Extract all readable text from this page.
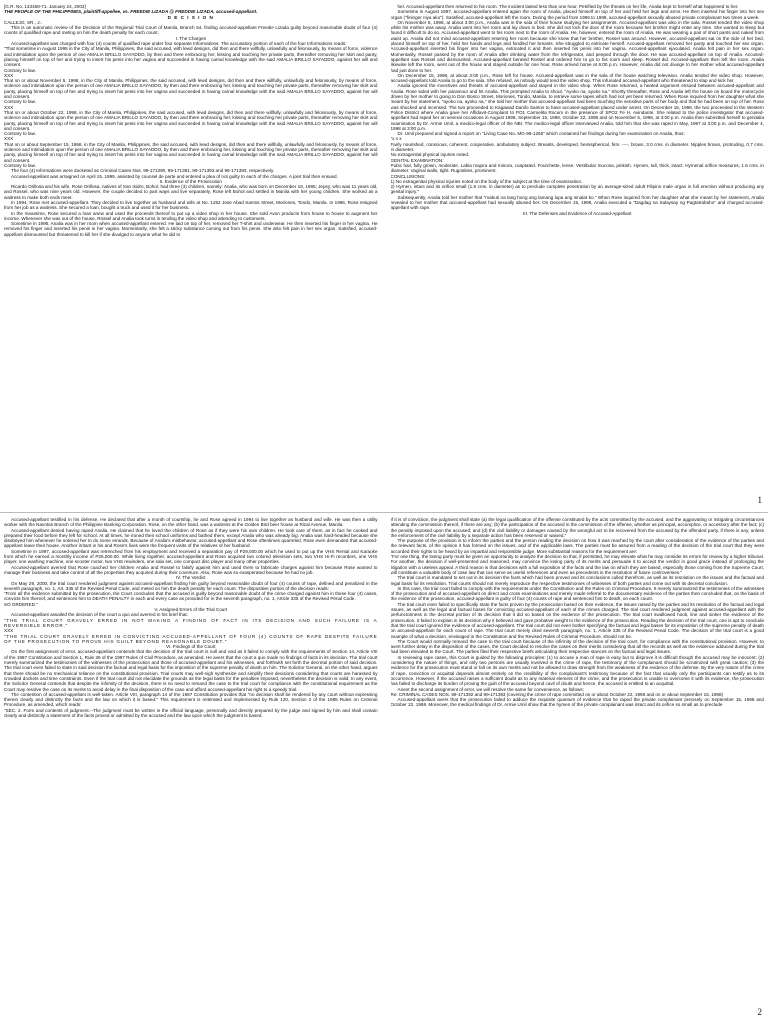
[G.R. No. 143468-71. January 24, 2003]

THE PEOPLE OF THE PHILIPPINES, plaintiff-appellee, vs. FREEDIE LIZADA @ FREDDIE LIZADA, accused-appellant.

D E C I S I O N

CALLEJO, SR., J.:

This is an automatic review of the Decision of the Regional Trial Court of Manila, Branch 54, finding accused-appellant Freedie Lizada guilty beyond reasonable doubt of four (4) counts of qualified rape and meting on him the death penalty for each count.

I. The Charges

Accused-appellant was charged with four (4) counts of qualified rape under four separate Informations. The accusatory portion of each of the four Informations reads:

"That sometime in August 1998 in the City of Manila, Philippines, the said accused, with lewd designs, did then and there willfully, unlawfully and feloniously, by means of force, violence and intimidation upon the person of one AMALIA BRILLO SAYADDO, by then and there embracing her, kissing and touching her private parts, thereafter removing her skirt and panty, placing himself on top of her and trying to insert his penis into her vagina and succeeded in having carnal knowledge with the said AMALIA BRILLO SAYADDO, against her will and consent.

Contrary to law.

XXX

That on or about November 5, 1998, in the City of Manila, Philippines, the said accused, with lewd designs, did then and there willfully, unlawfully and feloniously, by means of force, violence and intimidation upon the person of one AMALIA BRILLO SAYADDO, by then and there embracing her, kissing and touching her private parts, thereafter removing her skirt and panty, placing himself on top of her and trying to insert his penis into her vagina and succeeded in having carnal knowledge with the said AMALIA BRILLO SAYADDO, against her will and consent.

Contrary to law.

XXX

That on or about October 22, 1998, in the City of Manila, Philippines, the said accused, with lewd designs, did then and there willfully, unlawfully and feloniously, by means of force, violence and intimidation upon the person of one AMALIA BRILLO SAYADDO, by then and there embracing her, kissing and touching her private parts, thereafter removing her skirt and panty, placing himself on top of her and trying to insert his penis into her vagina and succeeded in having carnal knowledge with the said AMALIA BRILLO SAYADDO, against her will and consent.

Contrary to law.

XXX

That on or about September 15, 1998, in the City of Manila, Philippines, the said accused, with lewd designs, did then and there willfully, unlawfully and feloniously, by means of force, violence and intimidation upon the person of one AMALIA BRILLO SAYADDO, by then and there embracing her, kissing and touching her private parts, thereafter removing her skirt and panty, placing himself on top of her and trying to insert his penis into her vagina and succeeded in having carnal knowledge with the said AMALIA BRILLO SAYADDO, against her will and consent.

Contrary to law.

The four (4) Informations were docketed as Criminal Cases Nos. 99-171390, 99-171391, 99-171392 and 99-171393, respectively.

Accused-appellant was arraigned on April 15, 1999, assisted by counsel de parte and entered a plea of not guilty to each of the charges. A joint trial then ensued.

II. Evidence of the Prosecution

Ricardo Orillosa and his wife, Rose Orillosa, natives of San Isidro, Bohol, had three (3) children, namely: Analia, who was born on December 18, 1985; Jepsy, who was 11 years old, and Rossel, who was nine years old. However, the couple decided to part ways and live separately. Rose left Bohol and settled in Manila with her young children. She worked as a waitress to make both ends meet.

In 1994, Rose met accused-appellant. They decided to live together as husband and wife at No. 1252 Jose Abad Santos Street, Moriones, Tondo, Manila. In 1996, Rose resigned from her job as a waitress. She secured a loan, bought a truck and used it for her business.

In the meantime, Rose secured a loan anew and used the proceeds thereof to put up a video shop in her house. She sold Avon products from house to house to augment her income. Whenever she was out of the house, Rossel and Analia took turns in tending the video shop and attending to customers.

Sometime in 1996, Analia was in her room when accused-appellant entered. He laid on top of her, removed her T-shirt and underwear. He then inserted his finger in her vagina. He removed his finger and inserted his penis in her vagina. Momentarily, she felt a sticky substance coming out from his penis. She also felt pain in her sex organ. Satisfied, accused-appellant dismounted but threatened to kill her if she divulged to anyone what he did to

her. Accused-appellant then returned to his room. The incident lasted less than one hour. Petrified by the threats on her life, Analia kept to herself what happened to her.

Sometime in August 1997, accused-appellant entered again the room of Analia, placed himself on top of her and held her legs and arms. He then inserted his finger into her sex organ ("fininger niya ako"). Satisfied, accused-appellant left the room. During the period from 1996 to 1998, accused-appellant sexually abused private complainant two times a week.

On November 5, 1998, at about 3:00 p.m., Analia was in the sala of their house studying her assignments. Accused-appellant was also in the sala. Rossel tended the video shop while his mother was away. Analia went into her room and lay down in bed. She did not lock the door of the room because her brother might enter any time. She wanted to sleep but found it difficult to do so. Accused-appellant went to his room next to the room of Analia. He, however, entered the room of Analia. He was wearing a pair of short pants and naked from waist up. Analia did not mind accused-appellant entering her room because she knew that her brother, Rossel was around. However, accused-appellant sat on the side of her bed, placed himself on top of her, held her hands and legs and fondled her breasts. She struggled to extricate herself. Accused-appellant removed her panty and touched her sex organ. Accused-appellant inserted his finger into her vagina, extricated it and then inserted his penis into her vagina. Accused-appellant ejaculated. Analia felt pain in her sex organ. Momentarily, Rossel passed by the room of Analia after drinking water from the refrigerator, and peeped through the door. He saw accused-appellant on top of Analia. Accused-appellant saw Rossel and dismounted. Accused-appellant berated Rossel and ordered him to go to his room and sleep. Rossel did. Accused-appellant then left the room. Analia likewise left the room, went out of the house and stayed outside for one hour. Rose arrived home at 6:00 p.m. However, Analia did not divulge to her mother what accused-appellant had just done to her.

On December 15, 1998, at about 3:00 p.m., Rose left for house. Accused-appellant was in the sala of the house watching television. Analia tended the video shop. However, accused-appellant told Analia to go to the sala. She refused, as nobody would tend the video shop. This infuriated accused-appellant who threatened to slap and kick her.

Analia ignored the invectives and threats of accused-appellant and stayed in the video shop. When Rose returned, a heated argument ensued between accused-appellant and Analia. Rose sided with her paramour and hit Analia. This prompted Analia to shout. "Ayoko na, ayoko na." Shortly thereafter, Rose and Analia left the house on board the motorcycle driven by her mother to going to Don Bosco Street, Moriones, Tondo, Manila, to retrieve some tapes which had not yet been returned. When Rose inquired from her daughter what she meant by her statement, "ayoko na, ayoko na," she told her mother that accused-appellant had been touching the sensitive parts of her body and that he had been on top of her. Rose was shocked and incensed. The two proceeded to Kagawad Danilo Santos to have accused-appellant placed under arrest. On December 16, 1998, the two proceeded to the Western Police District where Analia gave her Affidavit-Complaint to PO1 Carmelita Rocum in the presence of SPO2 Fe H. Avindante. She related to the police investigator that accused-appellant had raped her on several occasions in August 1998, September 15, 1998, October 22, 1998 and on November 5, 1998, at 3:00 p.m. Analia then submitted herself to genitalia examination by Dr. Armie Umil, a medico-legal officer of the NBI. The medico-legal officer interviewed Analia, told him that she was raped in May, 1997 at 3:00 p.m. and December 4, 1998 at 3:00 p.m.

Dr. Umil prepared and signed a report on "Living Case No. MG-98-1265" which contained her findings during her examination on Analia, thus:

"x x x

Fairly nourished, conscious, coherent, cooperative, ambulatory subject. Breasts, developed, hemispherical, firm. ----, brown, 3.0 cms. in diameter. Nipples brown, protruding, 0.7 cms. in diameter.

No extragenital physical injuries noted.

GENITAL EXAMINATION:

Pubic hair, fully grown, moderate. Labia majora and minora, coaptated. Fourchette, lense. Vestibular mucosa, pinkish. Hymen, tall, thick, intact. Hymenal orifice measures, 1.5 cms. in diameter. Vaginal walls, tight. Rugosities, prominent.

CONCLUSIONS:

1) No extragenital physical injuries noted on the body of the subject at the time of examination.

2) Hymen, intact and its orifice small (1.5 cms. in diameter) as to preclude complete penetration by an average-sized adult Filipino male organ in full erection without producing any genital injury."

Subsequently, Analia told her mother that "mabuti na lang hong ang lamang lupa ang sinalat ko." When Rose inquired from her daughter what she meant by her statement, Analia revealed to her mother that accused-appellant had sexually abused her. On December 15, 1998, Analia executed a "Dagdag na Salaysay ng Pagtatrabaho" and charged accused-appellant with rape.

III. The Defenses and Evidence of Accused-Appellant

1

Accused-appellant testified in his defense. He declared that after a month of courtship, he and Rose agreed in 1994 to live together as husband and wife. He was then a utility worker with the Navotas Branch of the Philippine Banking Corporation. Rose, on the other hand, was a waitress at the Golden Bird beer house at Rizal Avenue, Manila.

Accused-appellant denied having raped Analia. He claimed that he loved the children of Rose as if they were his own children. He took care of them, as in fact he cooked and prepared their food before they left for school. At all times, he ironed their school uniforms and bathed them, except Analia who was already big. Analia was hard-headed because she disobeyed him whenever he ordered her to do some errands. Because of Analia's misbehavior, accused-appellant and Rose oftentimes quarreled. Rose even demanded that accused-appellant leave their house. Another irritant in his and Rose's lives were the frequent visits of the relatives of her husband.

Sometime in 1997, accused-appellant was retrenched from his employment and received a separation pay of P29,000.00 which he used to put up the VHS Rental and Karaoke from which he earned a monthly income of P25,000.00. While living together, accused-appellant and Rose acquired two colored television sets, two VHS Hi-Fi recorders, one VHS player, one washing machine, one scooter motor, two VHS rewinders, one sala set, one compact disc player and many other properties.

Accused-appellant averred that Rose coached her children Analia and Rossel to falsify against him and used them to fabricate charges against him because Rose wanted to manage their business and take control of all the properties they acquired during their coverture. Also, Rose was so exasperated because he had no job.

IV. The Verdict

On May 29, 2000, the trial court rendered judgment against accused-appellant finding him guilty beyond reasonable doubt of four (4) counts of rape, defined and penalized in the seventh paragraph, no. 1, Art. 335 of the Revised Penal Code, and meted on him the death penalty for each count. The dispositive portion of the decision reads:

"From all the evidence submitted by the prosecution, the Court concludes that the accused is guilty beyond reasonable doubt of the crime charged against him in these four (4) cases, convicts him thereof, and sentences him to DEATH PENALTY in each and every case as provided for in the seventh paragraph, no. 1, Article 335 of the Revised Penal Code.

SO ORDERED."

V. Assigned Errors of the Trial Court

Accused-appellant assailed the decision of the court a quo and averred in his brief that:

"THE TRIAL COURT GRAVELY ERRED IN NOT MAKING A FINDING OF FACT IN ITS DECISION AND SUCH FAILURE IS A REVERSIBLE ERROR."

XXX

"THE TRIAL COURT GRAVELY ERRED IN CONVICTING ACCUSED-APPELLANT OF FOUR (4) COUNTS OF RAPE DESPITE FAILURE OF THE PROSECUTION TO PROVE HIS GUILT BEYOND REASONABLE DOUBT."

VI. Findings of the Court

On the first assignment of error, accused-appellant contends that the decision of the trial court is null and void as it failed to comply with the requirements of Section 14, Article VIII of the 1987 Constitution and Section 1, Rule 36 of the 1997 Rules of Civil Procedure, as amended. He avers that the court a quo made no findings of facts in its decision. The trial court merely summarized the testimonies of the witnesses of the prosecution and those of accused-appellant and his witnesses, and forthwith set forth the decretal portion of said decision. The trial court even failed to state in said decision the factual and legal basis for the imposition of the supreme penalty of death on him. The Solicitor General, on the other hand, argues that there should be no mechanical reliance on the constitutional provision. Trial courts may well-nigh synthesize and simplify their decisions considering that courts are harassed by crowded dockets and time constraints. Even if the trial court did not elucidate the grounds as the legal basis for the penalties imposed, nevertheless the decision is valid. In any event, the Solicitor General contends that despite the infirmity of the decision, there is no need to remand the case to the trial court for compliance with the constitutional requirement as the Court may resolve the case on its merits to avoid delay in the final disposition of the case and afford accused-appellant his right to a speedy trial.

The contention of accused-appellant is well-taken. Article VIII, paragraph 14 of the 1987 Constitution provides that "no decision shall be rendered by any court without expressing therein clearly and distinctly the facts and the law on which it is based." This requirement is reiterated and implemented by Rule 120, Section 2 of the 1985 Rules on Criminal Procedure, as amended, which reads:

"SEC. 2. Form and contents of judgment.--The judgment must be written in the official language, personally and directly prepared by the judge and signed by him and shall contain clearly and distinctly a statement of the facts proved or admitted by the accused and the law upon which the judgment is based.

If it is of conviction, the judgment shall state (a) the legal qualification of the offense constituted by the acts committed by the accused, and the aggravating or mitigating circumstances attending the commission thereof, if there are any; (b) the participation of the accused in the commission of the offense, whether as principal, accomplice, or accessory after the fact; (c) the penalty imposed upon the accused; and (d) the civil liability or damages caused by the wrongful act to be recovered from the accused by the offended party, if there is any, unless the enforcement of the civil liability by a separate action has been reserved or waived."

The purpose of the provision is to inform the parties and the person reading the decision on how it was reached by the court after consideration of the evidence of the parties and the relevant facts, of the opinion it has formed on the issues, and of the applicable laws. The parties must be assured from a reading of the decision of the trial court that they were accorded their rights to be heard by an impartial and responsible judge. More substantial reasons for the requirement are:

"For one thing, the losing party must be given an opportunity to analyze the decision so that, if permitted, he may elevate what he may consider its errors for review by a higher tribunal. For another, the decision if well-presented and reasoned, may convince the losing party of its merits and persuade it to accept the verdict in good grace instead of prolonging the litigation with a useless appeal. A third reason is that decisions with a full exposition of the facts and the law on which they are based, especially those coming from the Supreme Court, will constitute a valuable body of case law that can serve as useful references and even as precedents in the resolution of future controversies."

The trial court is mandated to set out in its decision the facts which had been proved and its conclusions culled therefrom, as well as its resolution on the issues and the factual and legal basis for its resolution. Trial courts should not merely reproduce the respective testimonies of witnesses of both parties and come out with its decretal conclusion.

In this case, the trial court failed to comply with the requirements under the Constitution and the Rules on Criminal Procedure. It merely summarized the testimonies of the witnesses of the prosecution and of accused-appellant on direct and cross examinations and merely made referral to the documentary evidence of the parties then concluded that, on the basis of the evidence of the prosecution, accused-appellant is guilty of four (4) counts of rape and sentenced him to death, on each count.

The trial court even failed to specifically state the facts proven by the prosecution based on their evidence, the issues raised by the parties and its resolution of the factual and legal issues, as well as the legal and factual bases for convicting accused-appellant of each of the crimes charged. The trial court rendered judgment against accused-appellant with the perfunctoriness in the decretal portion of its decision that it did so based on the evidence of the prosecution. The trial court swallowed hook, line and sinker the evidence of the prosecution. It failed to explain in its decision why it believed and gave probative weight to the evidence of the prosecution. Reading the decision of the trial court, one is apt to conclude that the trial court ignored the evidence of accused-appellant. The trial court did not even bother specifying the factual and legal bases for its imposition of the supreme penalty of death on accused-appellant for each count of rape. The trial court merely cited seventh paragraph, no. 1, Article 335 of the Revised Penal Code. The decision of the trial court is a good example of what a decision, envisaged in the Constitution and the Revised Rules of Criminal Procedure, should not be.

The Court would normally remand the case to the trial court because of the infirmity of the decision of the trial court, for compliance with the constitutional provision. However, to avert further delay in the disposition of the cases, the Court decided to resolve the cases on their merits considering that all the records as well as the evidence adduced during the trial had been elevated to the Court. The parties filed their respective briefs articulating their respective stances on the factual and legal issues.

In reviewing rape cases, this Court is guided by the following principles: (1) to accuse a man of rape is easy but to disprove it is difficult though the accused may be innocent; (2) considering the nature of things, and only two persons are usually involved in the crime of rape, the testimony of the complainant should be scrutinized with great caution; (3) the evidence for the prosecution must stand or fall on its own merits and not be allowed to draw strength from the weakness of the evidence of the defense. By the very nature of the crime of rape, conviction or acquittal depends almost entirely on the credibility of the complainant's testimony because of the fact that usually only the participants can testify as to its occurrence. However, if the accused raises a sufficient doubt as to any material element of the crime, and the prosecution is unable to overcome it with its evidence, the prosecution has failed to discharge its burden of proving the guilt of the accused beyond cavil of doubt and hence, the accused is entitled to an acquittal.

Anent the second assignment of error, we will resolve the same for convenience, as follows:

Re: CRIMINAL CASES NOS. 99-171392 and 99-171393 (covering the crime of rape committed on or about October 22, 1998 and on or about September 15, 1998)

Accused-appellant avers that the prosecution failed to adduce the requisite quantum of evidence that he raped the private complainant precisely on September 15, 1998 and October 22, 1998. Moreover, the medical findings of Dr. Armie Umil show that the hymen of the private complainant was intact and its orifice so small as to preclude

2
